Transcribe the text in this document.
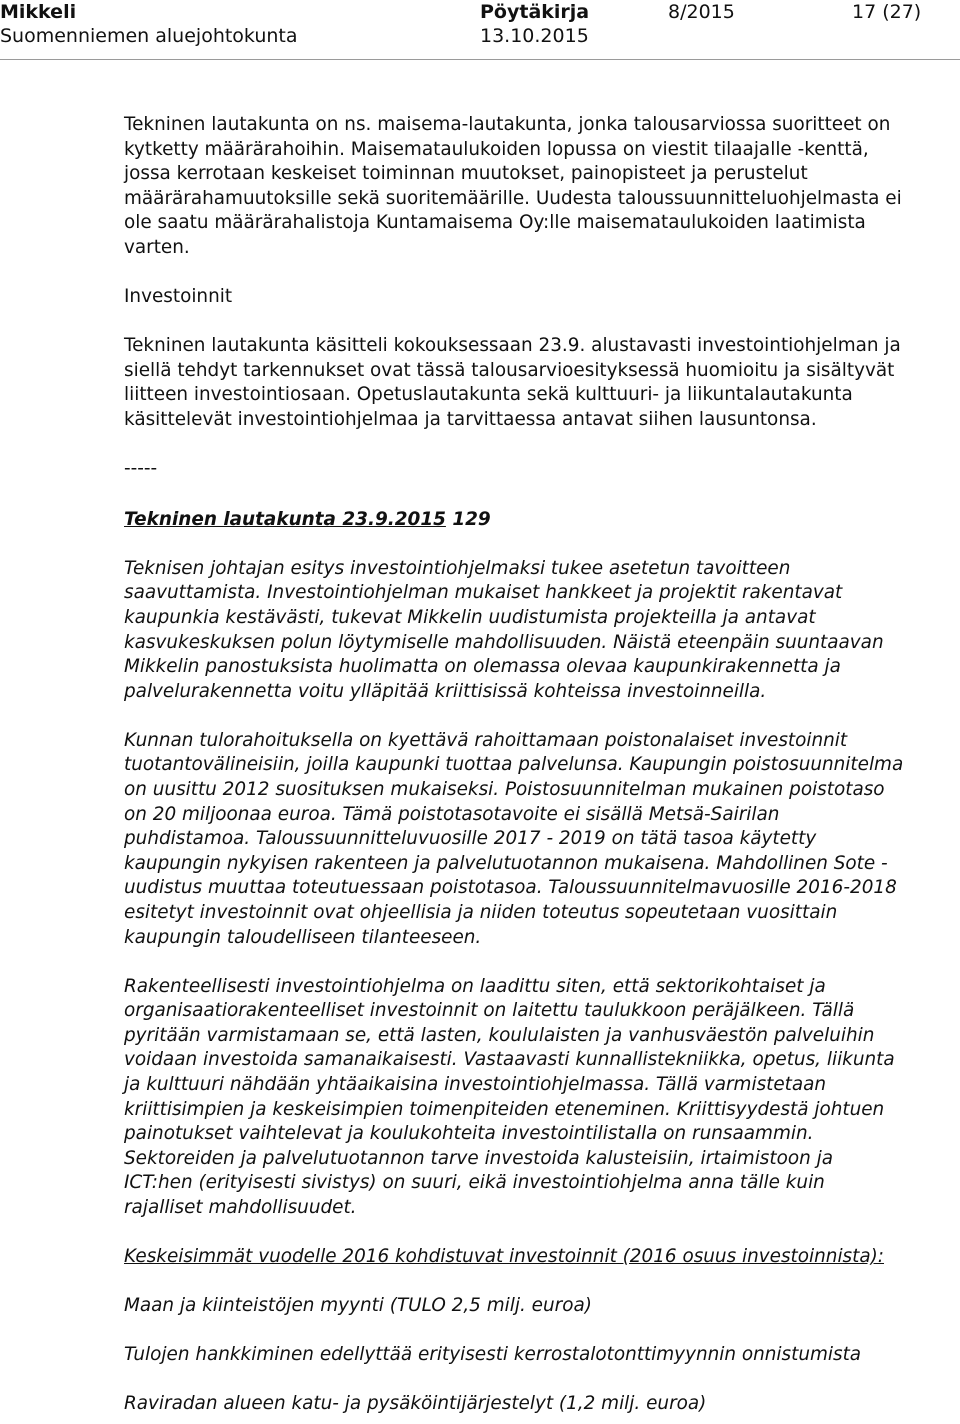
Mikkeli
Suomenniemen aluejohtokunta
Pöytäkirja
13.10.2015
8/2015	17 (27)

Tekninen lautakunta on ns. maisema-lautakunta, jonka talousarviossa suoritteet on kytketty määrärahoihin. Maisemataulukoiden lopussa on viestit tilaajalle -kenttä, jossa kerrotaan keskeiset toiminnan muutokset, painopisteet ja perustelut määrärahamuutoksille sekä suoritemäärille. Uudesta taloussuunnitteluohjelmasta ei ole saatu määrärahalistoja Kuntamaisema Oy:lle maisemataulukoiden laatimista varten.

Investoinnit

Tekninen lautakunta käsitteli kokouksessaan 23.9. alustavasti investointiohjelman ja siellä tehdyt tarkennukset ovat tässä talousarvioesityksessä huomioitu ja sisältyvät liitteen investointiosaan. Opetuslautakunta sekä kulttuuri- ja liikuntalautakunta käsittelevät investointiohjelmaa ja tarvittaessa antavat siihen lausuntonsa.

-----

Tekninen lautakunta 23.9.2015 129

Teknisen johtajan esitys investointiohjelmaksi tukee asetetun tavoitteen saavuttamista. Investointiohjelman mukaiset hankkeet ja projektit rakentavat kaupunkia kestävästi, tukevat Mikkelin uudistumista projekteilla ja antavat kasvukeskuksen polun löytymiselle mahdollisuuden. Näistä eteenpäin suuntaavan Mikkelin panostuksista huolimatta on olemassa olevaa kaupunkirakennetta ja palvelurakennetta voitu ylläpitää kriittisissä kohteissa investoinneilla.

Kunnan tulorahoituksella on kyettävä rahoittamaan poistonalaiset investoinnit tuotantovälineisiin, joilla kaupunki tuottaa palvelunsa. Kaupungin poistosuunnitelma on uusittu 2012 suosituksen mukaiseksi. Poistosuunnitelman mukainen poistotaso on 20 miljoonaa euroa. Tämä poistotasotavoite ei sisällä Metsä-Sairilan puhdistamoa. Taloussuunnitteluvuosille 2017 - 2019 on tätä tasoa käytetty kaupungin nykyisen rakenteen ja palvelutuotannon mukaisena. Mahdollinen Sote -uudistus muuttaa toteutuessaan poistotasoa. Taloussuunnitelmavuosille 2016-2018 esitetyt investoinnit ovat ohjeellisia ja niiden toteutus sopeutetaan vuosittain kaupungin taloudelliseen tilanteeseen.

Rakenteellisesti investointiohjelma on laadittu siten, että sektorikohtaiset ja organisaatiorakenteelliset investoinnit on laitettu taulukkoon peräjälkeen. Tällä pyritään varmistamaan se, että lasten, koululaisten ja vanhusväestön palveluihin voidaan investoida samanaikaisesti. Vastaavasti kunnallistekniikka, opetus, liikunta ja kulttuuri nähdään yhtäaikaisina investointiohjelmassa. Tällä varmistetaan kriittisimpien ja keskeisimpien toimenpiteiden eteneminen. Kriittisyydestä johtuen painotukset vaihtelevat ja koulukohteita investointilistalla on runsaammin. Sektoreiden ja palvelutuotannon tarve investoida kalusteisiin, irtaimistoon ja ICT:hen (erityisesti sivistys) on suuri, eikä investointiohjelma anna tälle kuin rajalliset mahdollisuudet.

Keskeisimmät vuodelle 2016 kohdistuvat investoinnit (2016 osuus investoinnista):

Maan ja kiinteistöjen myynti (TULO 2,5 milj. euroa)

Tulojen hankkiminen edellyttää erityisesti kerrostalotonttimyynnin onnistumista

Raviradan alueen katu- ja pysäköintijärjestelyt (1,2 milj. euroa)
